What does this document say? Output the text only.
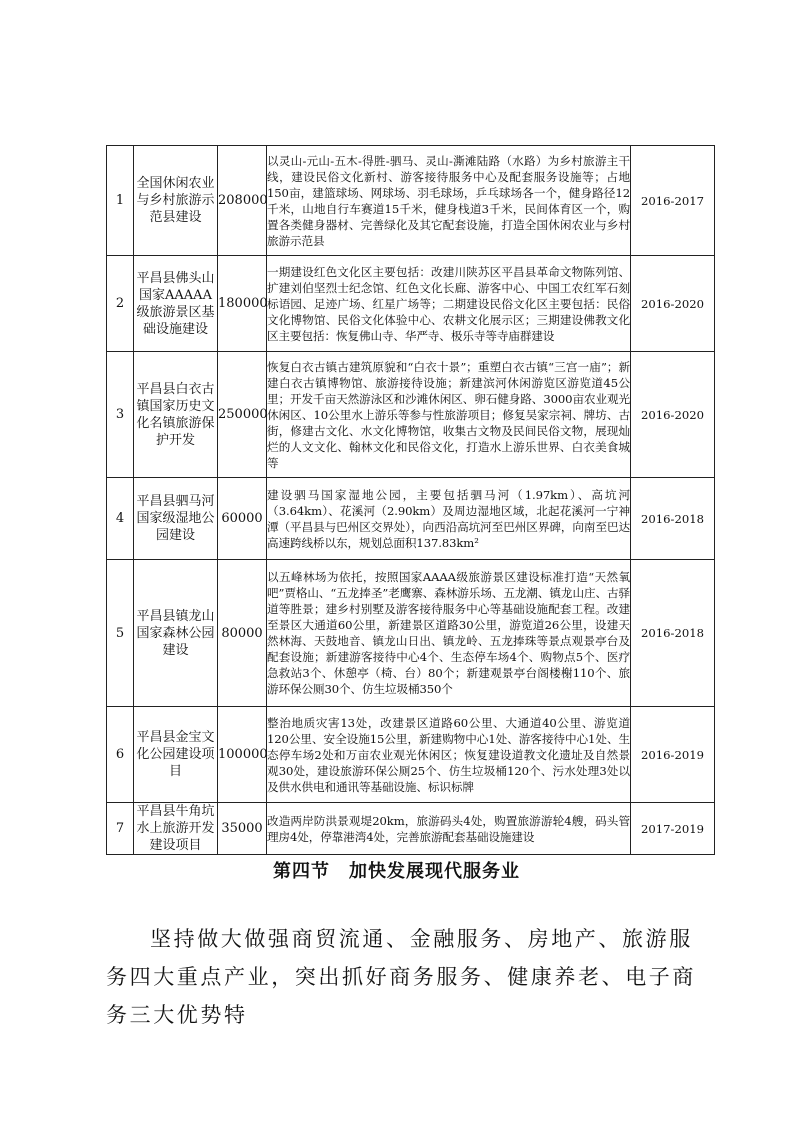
1	全国休闲农业与乡村旅游示范县建设	208000	以灵山-元山-五木-得胜-驷马、灵山-澌滩陆路（水路）为乡村旅游主干线，建设民俗文化新村、游客接待服务中心及配套服务设施等；占地150亩，建篮球场、网球场、羽毛球场，乒乓球场各一个，健身路径12千米，山地自行车赛道15千米，健身栈道3千米，民间体育区一个，购置各类健身器材、完善绿化及其它配套设施，打造全国休闲农业与乡村旅游示范县	2016-2017
2	平昌县佛头山国家AAAAA级旅游景区基础设施建设	180000	一期建设红色文化区主要包括：改建川陕苏区平昌县革命文物陈列馆、扩建刘伯坚烈士纪念馆、红色文化长廊、游客中心、中国工农红军石刻标语园、足迹广场、红星广场等；二期建设民俗文化区主要包括：民俗文化博物馆、民俗文化体验中心、农耕文化展示区；三期建设佛教文化区主要包括：恢复佛山寺、华严寺、极乐寺等寺庙群建设	2016-2020
3	平昌县白衣古镇国家历史文化名镇旅游保护开发	250000	恢复白衣古镇古建筑原貌和“白衣十景”；重塑白衣古镇“三宫一庙”；新建白衣古镇博物馆、旅游接待设施；新建滨河休闲游览区游览道45公里；开发千亩天然游泳区和沙滩休闲区、卵石健身路、3000亩农业观光休闲区、10公里水上游乐等参与性旅游项目；修复吴家宗祠、牌坊、古街，修建古文化、水文化博物馆，收集古文物及民间民俗文物，展现灿烂的人文文化、翰林文化和民俗文化，打造水上游乐世界、白衣美食城等	2016-2020
4	平昌县驷马河国家级湿地公园建设	60000	建设驷马国家湿地公园，主要包括驷马河（1.97km）、高坑河（3.64km）、花溪河（2.90km）及周边湿地区域，北起花溪河一宁神潭（平昌县与巴州区交界处），向西沿高坑河至巴州区界碑，向南至巴达高速跨线桥以东，规划总面积137.83km²	2016-2018
5	平昌县镇龙山国家森林公园建设	80000	以五峰林场为依托，按照国家AAAA级旅游景区建设标准打造“天然氧吧”贾格山、“五龙捧圣”老鹰寨、森林游乐场、五龙潮、镇龙山庄、古驿道等胜景；建乡村别墅及游客接待服务中心等基础设施配套工程。改建至景区大通道60公里，新建景区道路30公里，游览道26公里，设建天然林海、天鼓地音、镇龙山日出、镇龙岭、五龙捧珠等景点观景亭台及配套设施；新建游客接待中心4个、生态停车场4个、购物点5个、医疗急救站3个、休憩亭（椅、台）80个；新建观景亭台阁楼榭110个、旅游环保公厕30个、仿生垃圾桶350个	2016-2018
6	平昌县金宝文化公园建设项目	100000	整治地质灾害13处，改建景区道路60公里、大通道40公里、游览道120公里、安全设施15公里，新建购物中心1处、游客接待中心1处、生态停车场2处和万亩农业观光休闲区；恢复建设道教文化遗址及自然景观30处，建设旅游环保公厕25个、仿生垃圾桶120个、污水处理3处以及供水供电和通讯等基础设施、标识标牌	2016-2019
7	平昌县牛角坑水上旅游开发建设项目	35000	改造两岸防洪景观堤20km，旅游码头4处，购置旅游游轮4艘，码头管理房4处，停靠港湾4处，完善旅游配套基础设施建设	2017-2019
第四节　加快发展现代服务业
坚持做大做强商贸流通、金融服务、房地产、旅游服务四大重点产业，突出抓好商务服务、健康养老、电子商务三大优势特
